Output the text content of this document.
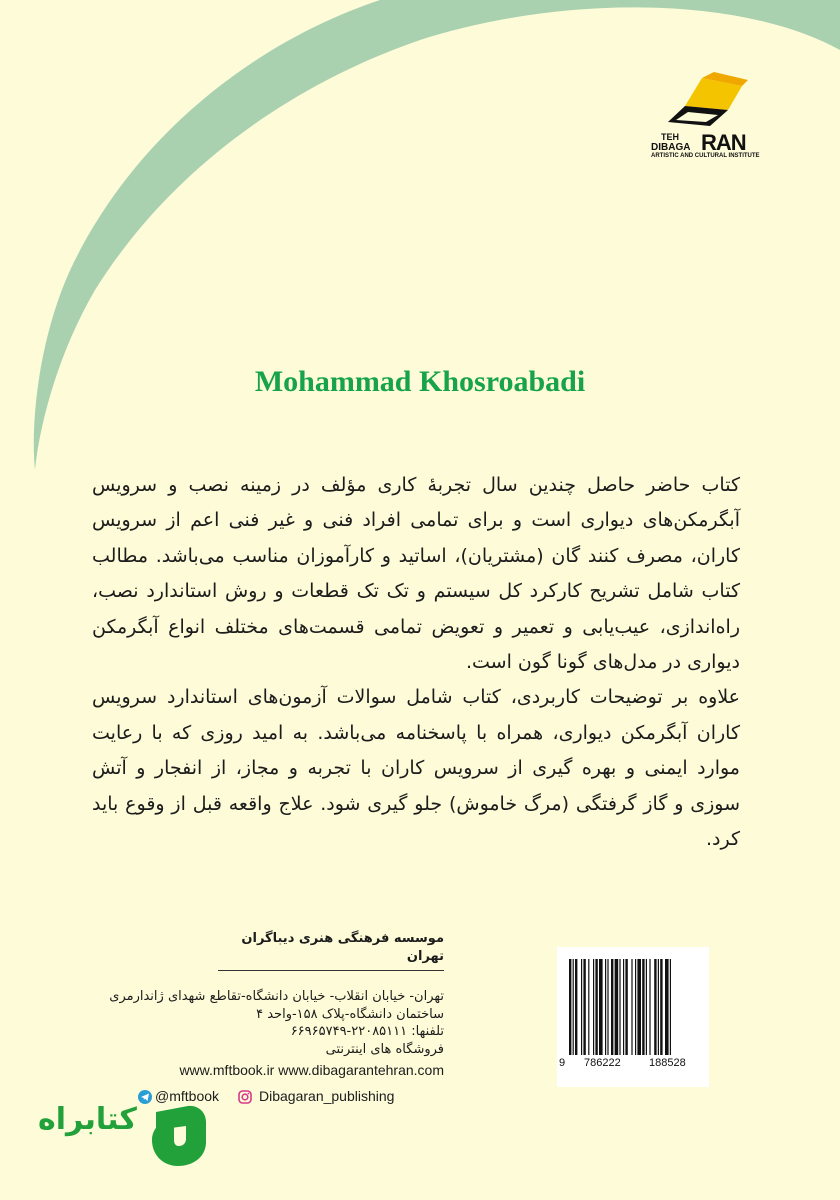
TEH
DIBAGA RAN
ARTISTIC AND CULTURAL INSTITUTE
Mohammad Khosroabadi

کتاب حاضر حاصل چندین سال تجربهٔ کاری مؤلف در زمینه نصب و سرویس آبگرمکن‌های دیواری است و برای تمامی افراد فنی و غیر فنی اعم از سرویس کاران، مصرف کنند گان (مشتریان)، اساتید و کارآموزان مناسب می‌باشد. مطالب کتاب شامل تشریح کارکرد کل سیستم و تک تک قطعات و روش استاندارد نصب، راه‌اندازی، عیب‌یابی و تعمیر و تعویض تمامی قسمت‌های مختلف انواع آبگرمکن دیواری در مدل‌های گونا گون است.

علاوه بر توضیحات کاربردی، کتاب شامل سوالات آزمون‌های استاندارد سرویس کاران آبگرمکن دیواری، همراه با پاسخنامه می‌باشد. به امید روزی که با رعایت موارد ایمنی و بهره گیری از سرویس کاران با تجربه و مجاز، از انفجار و آتش سوزی و گاز گرفتگی (مرگ خاموش) جلو گیری شود. علاج واقعه قبل از وقوع باید کرد.

موسسه فرهنگی هنری دیباگران تهران
تهران- خیابان انقلاب- خیابان دانشگاه-تقاطع شهدای ژاندارمری
ساختمان دانشگاه-پلاک ۱۵۸-واحد ۴
تلفنها: ۲۲۰۸۵۱۱۱-۶۶۹۶۵۷۴۹
فروشگاه های اینترنتی
www.mftbook.ir www.dibagarantehran.com	9 786222	188528
@mftbook	Dibagaran_publishing
کتابراه
